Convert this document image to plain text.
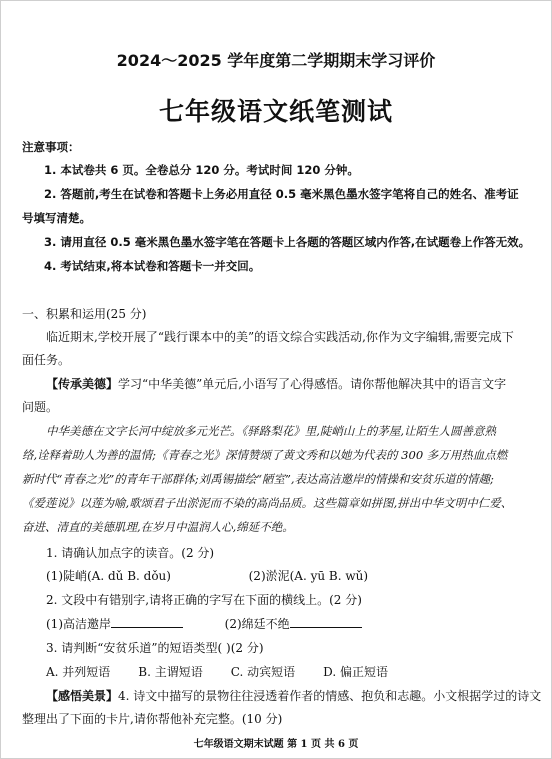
2024～2025 学年度第二学期期末学习评价

七年级语文纸笔测试

注意事项：

1. 本试卷共 6 页。全卷总分 120 分。考试时间 120 分钟。

2. 答题前,考生在试卷和答题卡上务必用直径 0.5 毫米黑色墨水签字笔将自己的姓名、准考证

号填写清楚。

3. 请用直径 0.5 毫米黑色墨水签字笔在答题卡上各题的答题区域内作答,在试题卷上作答无效。

4. 考试结束,将本试卷和答题卡一并交回。

一、积累和运用(25 分)

临近期末,学校开展了“践行课本中的美”的语文综合实践活动,你作为文字编辑,需要完成下

面任务。

【传承美德】学习“中华美德”单元后,小语写了心得感悟。请你帮他解决其中的语言文字

问题。

中华美德在文字长河中绽放多元光芒。《驿路梨花》里,陡峭山上的茅屋,让陌生人圆善意熟

络,诠释着助人为善的温情;《青春之光》深情赞颂了黄文秀和以她为代表的 300 多万用热血点燃

新时代“青春之光”的青年干部群体;刘禹锡描绘“陋室”,表达高洁邀岸的情操和安贫乐道的情趣;

《爱莲说》以莲为喻,歌颂君子出淤泥而不染的高尚品质。这些篇章如拼图,拼出中华文明中仁爱、

奋进、清直的美德肌理,在岁月中温润人心,绵延不绝。

1. 请确认加点字的读音。(2 分)

(1)陡峭(A. dǔ B. dǒu)	(2)淤泥(A. yū B. wǔ)

2. 文段中有错别字,请将正确的字写在下面的横线上。(2 分)

(1)高洁邀岸	(2)绵廷不绝

3. 请判断“安贫乐道”的短语类型( )(2 分)

A. 并列短语 B. 主谓短语 C. 动宾短语 D. 偏正短语

【感悟美景】4. 诗文中描写的景物往往浸透着作者的情感、抱负和志趣。小文根据学过的诗文

整理出了下面的卡片,请你帮他补充完整。(10 分)

七年级语文期末试题 第 1 页 共 6 页
